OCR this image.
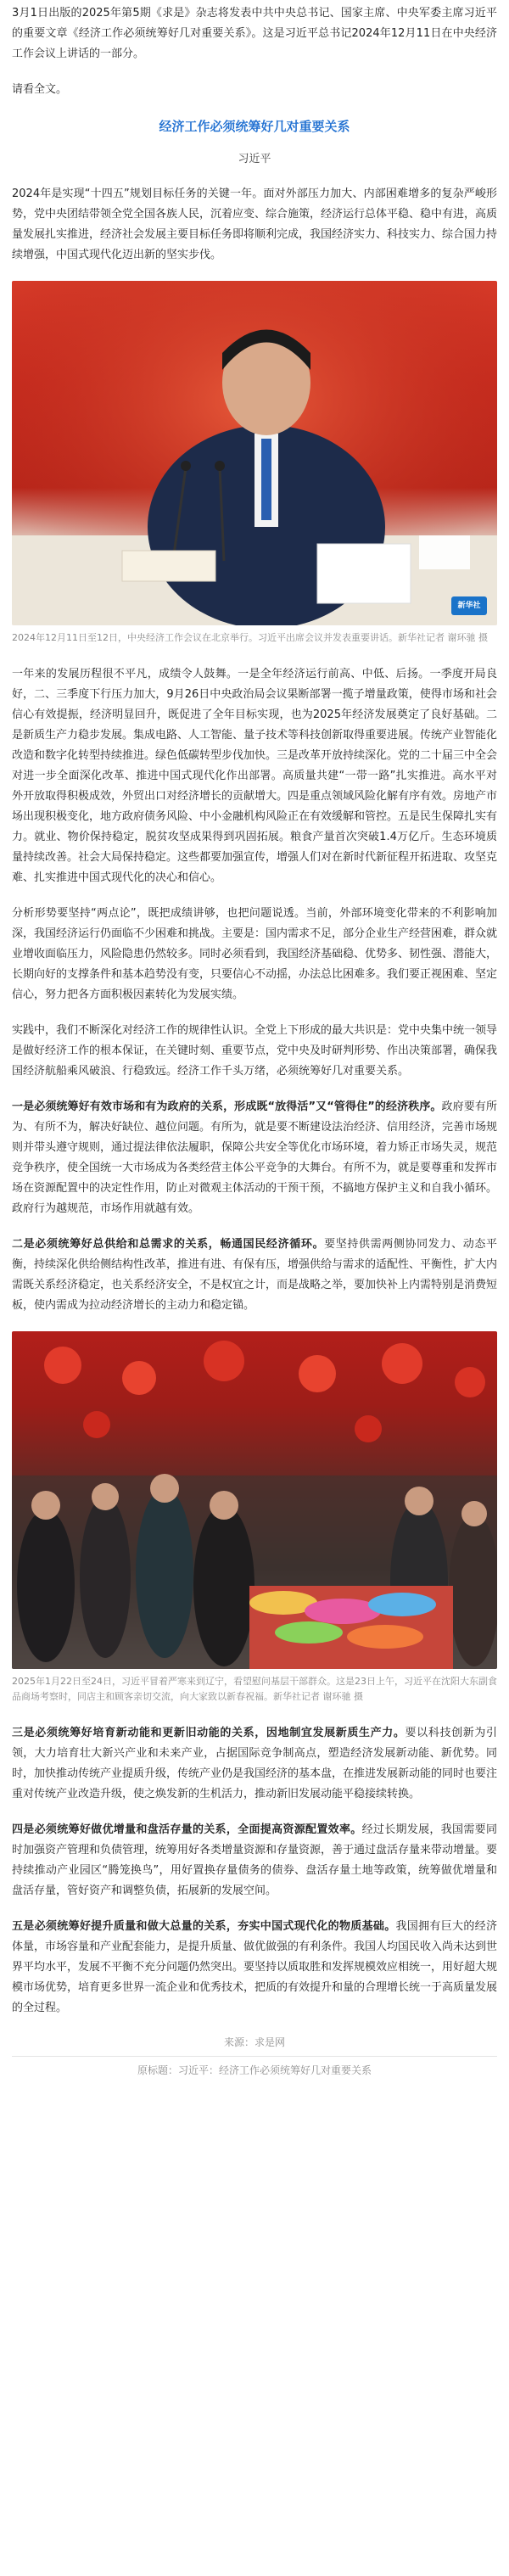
3月1日出版的2025年第5期《求是》杂志将发表中共中央总书记、国家主席、中央军委主席习近平的重要文章《经济工作必须统筹好几对重要关系》。这是习近平总书记2024年12月11日在中央经济工作会议上讲话的一部分。

请看全文。

经济工作必须统筹好几对重要关系
习近平

2024年是实现“十四五”规划目标任务的关键一年。面对外部压力加大、内部困难增多的复杂严峻形势，党中央团结带领全党全国各族人民，沉着应变、综合施策，经济运行总体平稳、稳中有进，高质量发展扎实推进，经济社会发展主要目标任务即将顺利完成，我国经济实力、科技实力、综合国力持续增强，中国式现代化迈出新的坚实步伐。

新华社
2024年12月11日至12日，中央经济工作会议在北京举行。习近平出席会议并发表重要讲话。新华社记者 谢环驰 摄

一年来的发展历程很不平凡，成绩令人鼓舞。一是全年经济运行前高、中低、后扬。一季度开局良好，二、三季度下行压力加大，9月26日中央政治局会议果断部署一揽子增量政策，使得市场和社会信心有效提振，经济明显回升，既促进了全年目标实现，也为2025年经济发展奠定了良好基础。二是新质生产力稳步发展。集成电路、人工智能、量子技术等科技创新取得重要进展。传统产业智能化改造和数字化转型持续推进。绿色低碳转型步伐加快。三是改革开放持续深化。党的二十届三中全会对进一步全面深化改革、推进中国式现代化作出部署。高质量共建“一带一路”扎实推进。高水平对外开放取得积极成效，外贸出口对经济增长的贡献增大。四是重点领域风险化解有序有效。房地产市场出现积极变化，地方政府债务风险、中小金融机构风险正在有效缓解和管控。五是民生保障扎实有力。就业、物价保持稳定，脱贫攻坚成果得到巩固拓展。粮食产量首次突破1.4万亿斤。生态环境质量持续改善。社会大局保持稳定。这些都要加强宣传，增强人们对在新时代新征程开拓进取、攻坚克难、扎实推进中国式现代化的决心和信心。

分析形势要坚持“两点论”，既把成绩讲够，也把问题说透。当前，外部环境变化带来的不利影响加深，我国经济运行仍面临不少困难和挑战。主要是：国内需求不足，部分企业生产经营困难，群众就业增收面临压力，风险隐患仍然较多。同时必须看到，我国经济基础稳、优势多、韧性强、潜能大，长期向好的支撑条件和基本趋势没有变，只要信心不动摇，办法总比困难多。我们要正视困难、坚定信心，努力把各方面积极因素转化为发展实绩。

实践中，我们不断深化对经济工作的规律性认识。全党上下形成的最大共识是：党中央集中统一领导是做好经济工作的根本保证，在关键时刻、重要节点，党中央及时研判形势、作出决策部署，确保我国经济航船乘风破浪、行稳致远。经济工作千头万绪，必须统筹好几对重要关系。

一是必须统筹好有效市场和有为政府的关系，形成既“放得活”又“管得住”的经济秩序。政府要有所为、有所不为，解决好缺位、越位问题。有所为，就是要不断建设法治经济、信用经济，完善市场规则并带头遵守规则，通过提法律依法履职，保障公共安全等优化市场环境，着力矫正市场失灵，规范竞争秩序，使全国统一大市场成为各类经营主体公平竞争的大舞台。有所不为，就是要尊重和发挥市场在资源配置中的决定性作用，防止对微观主体活动的干预干预，不搞地方保护主义和自我小循环。政府行为越规范，市场作用就越有效。

二是必须统筹好总供给和总需求的关系，畅通国民经济循环。要坚持供需两侧协同发力、动态平衡，持续深化供给侧结构性改革，推进有进、有保有压，增强供给与需求的适配性、平衡性，扩大内需既关系经济稳定，也关系经济安全，不是权宜之计，而是战略之举，要加快补上内需特别是消费短板，使内需成为拉动经济增长的主动力和稳定锚。

2025年1月22日至24日，习近平冒着严寒来到辽宁，看望慰问基层干部群众。这是23日上午，习近平在沈阳大东副食品商场考察时，同店主和顾客亲切交流，向大家致以新春祝福。新华社记者 谢环驰 摄

三是必须统筹好培育新动能和更新旧动能的关系，因地制宜发展新质生产力。要以科技创新为引领，大力培育壮大新兴产业和未来产业，占据国际竞争制高点，塑造经济发展新动能、新优势。同时，加快推动传统产业提质升级，传统产业仍是我国经济的基本盘，在推进发展新动能的同时也要注重对传统产业改造升级，使之焕发新的生机活力，推动新旧发展动能平稳接续转换。

四是必须统筹好做优增量和盘活存量的关系，全面提高资源配置效率。经过长期发展，我国需要同时加强资产管理和负债管理，统筹用好各类增量资源和存量资源，善于通过盘活存量来带动增量。要持续推动产业园区“腾笼换鸟”，用好置换存量债务的债券、盘活存量土地等政策，统筹做优增量和盘活存量，管好资产和调整负债，拓展新的发展空间。

五是必须统筹好提升质量和做大总量的关系，夯实中国式现代化的物质基础。我国拥有巨大的经济体量，市场容量和产业配套能力，是提升质量、做优做强的有利条件。我国人均国民收入尚未达到世界平均水平，发展不平衡不充分问题仍然突出。要坚持以质取胜和发挥规模效应相统一，用好超大规模市场优势，培育更多世界一流企业和优秀技术，把质的有效提升和量的合理增长统一于高质量发展的全过程。

来源：求是网
原标题：习近平：经济工作必须统筹好几对重要关系
